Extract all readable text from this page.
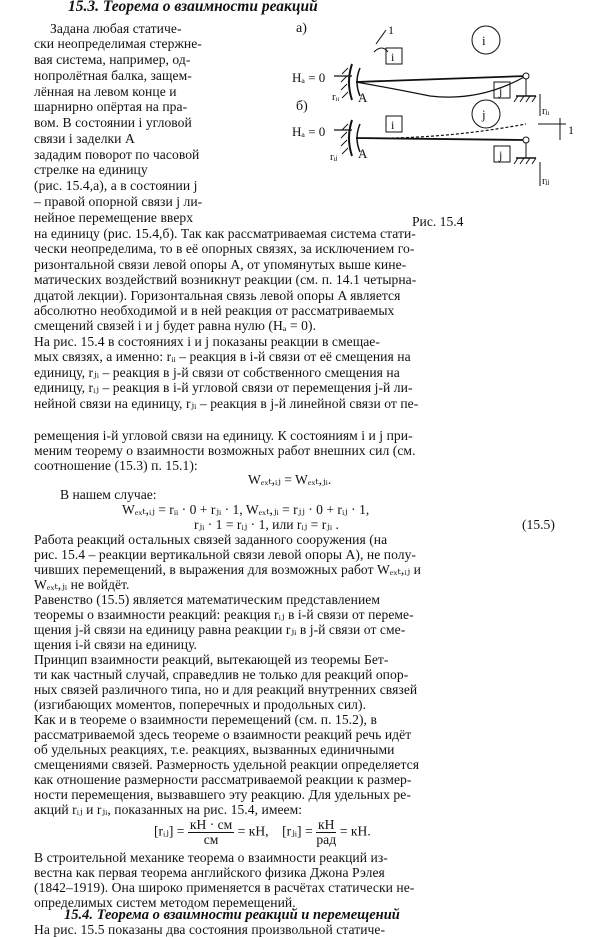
15.3. Теорема о взаимности реакций
Задана любая статиче-
ски неопределимая стержне-
вая система, например, од-
нопролётная балка, защем-
лённая на левом конце и
шарнирно опёртая на пра-
вом. В состоянии i угловой
связи i заделки A
зададим поворот по часовой
стрелке на единицу
(рис. 15.4,а), а в состоянии j
– правой опорной связи j ли-
нейное перемещение вверх
а)
Hₐ = 0
A
1
i
rᵢᵢ	j
rⱼᵢ
i
б)
Hₐ = 0
A
i
rᵢⱼ
1
j
rⱼⱼ
j
Рис. 15.4
на единицу (рис. 15.4,б). Так как рассматриваемая система стати-
чески неопределима, то в её опорных связях, за исключением го-
ризонтальной связи левой опоры A, от упомянутых выше кине-
матических воздействий возникнут реакции (см. п. 14.1 четырна-
дцатой лекции). Горизонтальная связь левой опоры A является
абсолютно необходимой и в ней реакция от рассматриваемых
смещений связей i и j будет равна нулю (Hₐ = 0).
На рис. 15.4 в состояниях i и j показаны реакции в смещае-
мых связях, а именно: rᵢᵢ – реакция в i-й связи от её смещения на
единицу, rⱼᵢ – реакция в j-й связи от собственного смещения на
единицу, rᵢⱼ – реакция в i-й угловой связи от перемещения j-й ли-
нейной связи на единицу, rⱼᵢ – реакция в j-й линейной связи от пе-
ремещения i-й угловой связи на единицу. К состояниям i и j при-
меним теорему о взаимности возможных работ внешних сил (см.
соотношение (15.3) п. 15.1):
Wₑₓₜ,ᵢⱼ = Wₑₓₜ,ⱼᵢ.
В нашем случае:
Wₑₓₜ,ᵢⱼ = rᵢᵢ · 0 + rⱼᵢ · 1, Wₑₓₜ,ⱼᵢ = rⱼⱼ · 0 + rᵢⱼ · 1,
rⱼᵢ · 1 = rᵢⱼ · 1, или rᵢⱼ = rⱼᵢ .	(15.5)
Работа реакций остальных связей заданного сооружения (на
рис. 15.4 – реакции вертикальной связи левой опоры A), не полу-
чивших перемещений, в выражения для возможных работ Wₑₓₜ,ᵢⱼ и
Wₑₓₜ,ⱼᵢ не войдёт.
Равенство (15.5) является математическим представлением
теоремы о взаимности реакций: реакция rᵢⱼ в i-й связи от переме-
щения j-й связи на единицу равна реакции rⱼᵢ в j-й связи от сме-
щения i-й связи на единицу.
Принцип взаимности реакций, вытекающей из теоремы Бет-
ти как частный случай, справедлив не только для реакций опор-
ных связей различного типа, но и для реакций внутренних связей
(изгибающих моментов, поперечных и продольных сил).
Как и в теореме о взаимности перемещений (см. п. 15.2), в
рассматриваемой здесь теореме о взаимности реакций речь идёт
об удельных реакциях, т.е. реакциях, вызванных единичными
смещениями связей. Размерность удельной реакции определяется
как отношение размерности рассматриваемой реакции к размер-
ности перемещения, вызвавшего эту реакцию. Для удельных ре-
акций rᵢⱼ и rⱼᵢ, показанных на рис. 15.4, имеем:
[rᵢⱼ] = $\frac{кН \cdot см}{см}$ = кН, [rⱼᵢ] = $\frac{кН}{\text{рад}}$ = кН.
В строительной механике теорема о взаимности реакций из-
вестна как первая теорема английского физика Джона Рэлея
(1842–1919). Она широко применяется в расчётах статически не-
определимых систем методом перемещений.
15.4. Теорема о взаимности реакций и перемещений
На рис. 15.5 показаны два состояния произвольной статиче-
